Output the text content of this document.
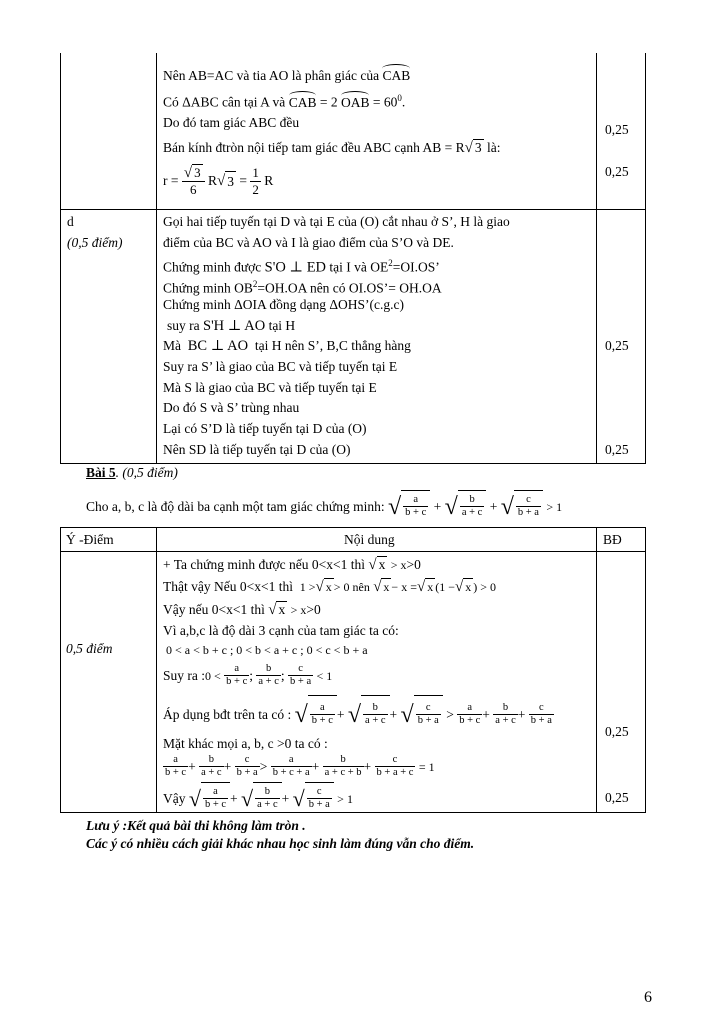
Nên AB=AC và tia AO là phân giác của CAB
Có ΔABC cân tại A và CAB = 2 OAB = $60^0$.
Do đó tam giác ABC đều
Bán kính đtròn nội tiếp tam giác đều ABC cạnh AB = R√ 3 là:
$r = \frac{√ 3}{6} R√$ $3 = \frac{1}{2}$ R
0,25
0,25
d
(0,5 điểm)
Gọi hai tiếp tuyến tại D và tại E của (O) cắt nhau ở S’, H là giao
điểm của BC và AO và I là giao điểm của S’O và DE.
Chứng minh được S'O ⊥ ED tại I và $OE^2=OI.OS$’
Chứng minh $OB^2=OH.OA$ nên có OI.OS’= OH.OA
Chứng minh ΔOIA đồng dạng ΔOHS’(c.g.c)
suy ra S'H ⊥ AO tại H
Mà BC ⊥ AO tại H nên S’, B,C thẳng hàng
Suy ra S’ là giao của BC và tiếp tuyến tại E
Mà S là giao của BC và tiếp tuyến tại E
Do đó S và S’ trùng nhau
Lại có S’D là tiếp tuyến tại D của (O)
Nên SD là tiếp tuyến tại D của (O)
0,25
0,25
Bài 5. (0,5 điểm)
Cho a, b, c là độ dài ba cạnh một tam giác chứng minh: √ $\frac{a}{b + c}$ + √ $\frac{b}{a + c}$ + √ $\frac{c}{b + a} > 1$
Ý -Điểm	Nội dung	BĐ
0,5 điểm
+ Ta chứng minh được nếu 0<x<1 thì √ x > x>0
Thật vậy Nếu 0<x<1 thì 1 >√ x > 0 nên √ x − x =√ x (1 −√ x ) > 0
Vậy nếu 0<x<1 thì √ x > x>0
Vì a,b,c là độ dài 3 cạnh của tam giác ta có:
0 < a < b + c ; 0 < b < a + c ; 0 < c < b + a
Suy ra :0 < $\frac{a}{b + c}$ ; $\frac{b}{a + c}$ ; $\frac{c}{b + a} < 1$
Áp dụng bđt trên ta có : √ $\frac{a}{b + c}$ + √ $\frac{b}{a + c}$ + √ $\frac{c}{b + a} > \frac{a}{b + c} + \frac{b}{a + c} + \frac{c}{b + a}$
Mặt khác mọi a, b, c >0 ta có :
$\frac{a}{b + c} + \frac{b}{a + c} + \frac{c}{b + a} > \frac{a}{b + c + a} + \frac{b}{a + c + b} + \frac{c}{b + a + c} = 1$
Vậy √ $\frac{a}{b + c}$ + √ $\frac{b}{a + c}$ + √ $\frac{c}{b + a} > 1$
0,25
0,25
Lưu ý :Kết quả bài thi không làm tròn .
Các ý có nhiều cách giải khác nhau học sinh làm đúng vẫn cho điểm.
6
